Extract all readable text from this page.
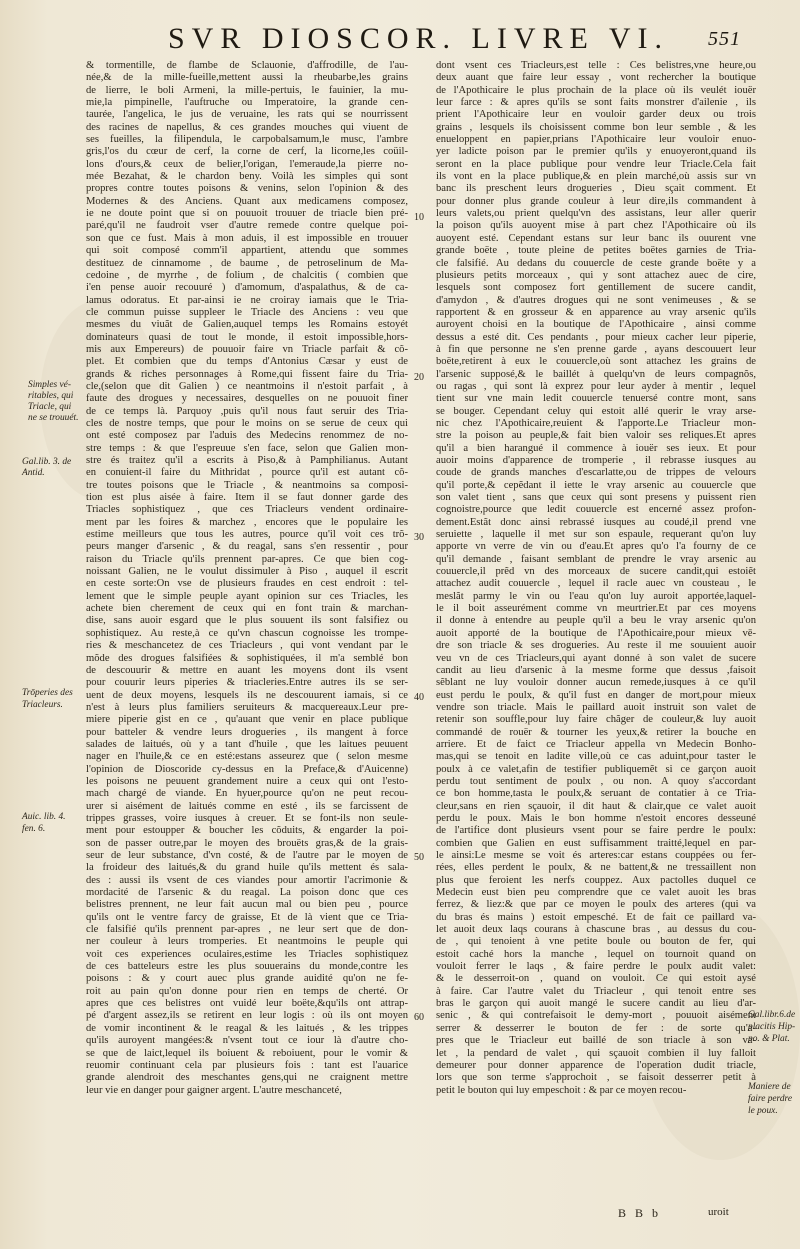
SVR DIOSCOR. LIVRE VI. 551
Simples vé-
ritables, qui
Triacle, qui
ne se trouuét.
Gal.lib. 3. de
Antid.
Trōperies des
Triacleurs.
Auic. lib. 4.
fen. 6.
Gal.libr.6.de
placitis Hip-
po. & Plat.
Maniere de
faire perdre
le poux.
10
20
30
40
50
60
& tormentille, de flambe de Sclauonie, d'affrodille, de l'au-
née,& de la mille-fueille,mettent aussi la rheubarbe,les grains
de lierre, le boli Armeni, la mille-pertuis, le fauinier, la mu-
mie,la pimpinelle, l'auftruche ou Imperatoire, la grande cen-
taurée, l'angelica, le jus de veruaine, les rats qui se nourrissent
des racines de napellus, & ces grandes mouches qui viuent de
ses fueilles, la filipendula, le carpobalsamum,le musc, l'ambre
gris,l'os du cœur de cerf, la corne de cerf, la licorne,les coüil-
lons d'ours,& ceux de belier,l'origan, l'emeraude,la pierre no-
mée Bezahat, & le chardon beny. Voilà les simples qui sont
propres contre toutes poisons & venins, selon l'opinion & des
Modernes & des Anciens. Quant aux medicamens composez,
ie ne doute point que si on pouuoit trouuer de triacle bien pré-
paré,qu'il ne faudroit vser d'autre remede contre quelque poi-
son que ce fust. Mais à mon aduis, il est impossible en trouuer
qui soit composé comm'il appartient, attendu que sommes
destituez de cinnamome , de baume , de petroselinum de Ma-
cedoine , de myrrhe , de folium , de chalcitis ( combien que
i'en pense auoir recouuré ) d'amomum, d'aspalathus, & de ca-
lamus odoratus. Et par-ainsi ie ne croiray iamais que le Tria-
cle commun puisse suppleer le Triacle des Anciens : veu que
mesmes du viuãt de Galien,auquel temps les Romains estoyét
dominateurs quasi de tout le monde, il estoit impossible,hors-
mis aux Empereurs) de pouuoir faire vn Triacle parfait & cõ-
plet. Et combien que du temps d'Antonius Cæsar y eust de
grands & riches personnages à Rome,qui fissent faire du Tria-
cle,(selon que dit Galien ) ce neantmoins il n'estoit parfait , à
faute des drogues y necessaires, desquelles on ne pouuoit finer
de ce temps là. Parquoy ,puis qu'il nous faut seruir des Tria-
cles de nostre temps, que pour le moins on se serue de ceux qui
ont esté composez par l'aduis des Medecins renommez de no-
stre temps : & que l'espreuue s'en face, selon que Galien mon-
stre és traitez qu'il a escrits à Piso,& à Pamphilianus. Autant
en conuient-il faire du Mithridat , pource qu'il est autant cõ-
tre toutes poisons que le Triacle , & neantmoins sa composi-
tion est plus aisée à faire. Item il se faut donner garde des
Triacles sophistiquez , que ces Triacleurs vendent ordinaire-
ment par les foires & marchez , encores que le populaire les
estime meilleurs que tous les autres, pource qu'il voit ces trõ-
peurs manger d'arsenic , & du reagal, sans s'en ressentir , pour
raison du Triacle qu'ils prennent par-apres. Ce que bien cog-
noissant Galien, ne le voulut dissimuler à Piso , auquel il escrit
en ceste sorte:On vse de plusieurs fraudes en cest endroit : tel-
lement que le simple peuple ayant opinion sur ces Triacles, les
achete bien cherement de ceux qui en font train & marchan-
dise, sans auoir esgard que le plus souuent ils sont falsifiez ou
sophistiquez. Au reste,à ce qu'vn chascun cognoisse les trompe-
ries & meschancetez de ces Triacleurs , qui vont vendant par le
mõde des drogues falsifiées & sophistiquées, il m'a semblé bon
de descouurir & mettre en auant les moyens dont ils vsent
pour couurir leurs piperies & triacleries.Entre autres ils se ser-
uent de deux moyens, lesquels ils ne descouurent iamais, si ce
n'est à leurs plus familiers seruiteurs & macquereaux.Leur pre-
miere piperie gist en ce , qu'auant que venir en place publique
pour batteler & vendre leurs drogueries , ils mangent à force
salades de laitués, où y a tant d'huile , que les laitues peuuent
nager en l'huile,& ce en esté:estans asseurez que ( selon mesme
l'opinion de Dioscoride cy-dessus en la Preface,& d'Auicenne)
les poisons ne peuuent grandement nuire a ceux qui ont l'esto-
mach chargé de viande. En hyuer,pource qu'on ne peut recou-
urer si aisément de laitués comme en esté , ils se farcissent de
trippes grasses, voire iusques à creuer. Et se font-ils non seule-
ment pour estoupper & boucher les cõduits, & engarder la poi-
son de passer outre,par le moyen des brouëts gras,& de la grais-
seur de leur substance, d'vn costé, & de l'autre par le moyen de
la froideur des laitués,& du grand huile qu'ils mettent és sala-
des : aussi ils vsent de ces viandes pour amortir l'acrimonie &
mordacité de l'arsenic & du reagal. La poison donc que ces
belistres prennent, ne leur fait aucun mal ou bien peu , pource
qu'ils ont le ventre farcy de graisse, Et de là vient que ce Tria-
cle falsifié qu'ils prennent par-apres , ne leur sert que de don-
ner couleur à leurs tromperies. Et neantmoins le peuple qui
voit ces experiences oculaires,estime les Triacles sophistiquez
de ces batteleurs estre les plus souuerains du monde,contre les
poisons : & y court auec plus grande auidité qu'on ne fe-
roit au pain qu'on donne pour rien en temps de cherté. Or
apres que ces belistres ont vuidé leur boëte,&qu'ils ont attrap-
pé d'argent assez,ils se retirent en leur logis : où ils ont moyen
de vomir incontinent & le reagal & les laitués , & les trippes
qu'ils auroyent mangées:& n'vsent tout ce iour là d'autre cho-
se que de laict,lequel ils boiuent & reboiuent, pour le vomir &
reuomir continuant cela par plusieurs fois : tant est l'auarice
grande alendroit des meschantes gens,qui ne craignent mettre
leur vie en danger pour gaigner argent. L'autre meschanceté,
dont vsent ces Triacleurs,est telle : Ces belistres,vne heure,ou
deux auant que faire leur essay , vont rechercher la boutique
de l'Apothicaire le plus prochain de la place où ils veulét iouër
leur farce : & apres qu'ils se sont faits monstrer d'ailenie , ils
prient l'Apothicaire leur en vouloir garder deux ou trois
grains , lesquels ils choisissent comme bon leur semble , & les
enueloppent en papier,prians l'Apothicaire leur vouloir enuo-
yer ladicte poison par le premier qu'ils y enuoyeront,quand ils
seront en la place publique pour vendre leur Triacle.Cela fait
ils vont en la place publique,& en plein marché,où assis sur vn
banc ils preschent leurs drogueries , Dieu sçait comment. Et
pour donner plus grande couleur à leur dire,ils commandent à
leurs valets,ou prient quelqu'vn des assistans, leur aller querir
la poison qu'ils auoyent mise à part chez l'Apothicaire où ils
auoyent esté. Cependant estans sur leur banc ils ouurent vne
grande boëte , toute pleine de petites boëtes garnies de Tria-
cle falsifié. Au dedans du couuercle de ceste grande boëte y a
plusieurs petits morceaux , qui y sont attachez auec de cire,
lesquels sont composez fort gentillement de sucere candit,
d'amydon , & d'autres drogues qui ne sont venimeuses , & se
rapportent & en grosseur & en apparence au vray arsenic qu'ils
auroyent choisi en la boutique de l'Apothicaire , ainsi comme
dessus a esté dit. Ces pendants , pour mieux cacher leur piperie,
à fin que personne ne s'en prenne garde , ayans descouuert leur
boëte,retirent à eux le couuercle,où sont attachez les grains de
l'arsenic supposé,& le baillét à quelqu'vn de leurs compagnõs,
ou ragas , qui sont là exprez pour leur ayder à mentir , lequel
tient sur vne main ledit couuercle tenuersé contre mont, sans
se bouger. Cependant celuy qui estoit allé querir le vray arse-
nic chez l'Apothicaire,reuient & l'apporte.Le Triacleur mon-
stre la poison au peuple,& fait bien valoir ses reliques.Et apres
qu'il a bien harangué il commence à iouër ses ieux. Et pour
auoir moins d'apparence de tromperie , il rebrasse iusques au
coude de grands manches d'escarlatte,ou de trippes de velours
qu'il porte,& cepẽdant il iette le vray arsenic au couuercle que
son valet tient , sans que ceux qui sont presens y puissent rien
cognoistre,pource que ledit couuercle est encerné assez profon-
dement.Estãt donc ainsi rebrassé iusques au coudé,il prend vne
seruiette , laquelle il met sur son espaule, requerant qu'on luy
apporte vn verre de vin ou d'eau.Et apres qu'o l'a fourny de ce
qu'il demande , faisant semblant de prendre le vray arsenic au
couuercle,il prẽd vn des morceaux de sucere candit,qui estoiẽt
attachez audit couuercle , lequel il racle auec vn cousteau , le
meslãt parmy le vin ou l'eau qu'on luy auroit apportée,laquel-
le il boit asseurément comme vn meurtrier.Et par ces moyens
il donne à entendre au peuple qu'il a beu le vray arsenic qu'on
auoit apporté de la boutique de l'Apothicaire,pour mieux vē-
dre son triacle & ses drogueries. Au reste il me souuient auoir
veu vn de ces Triacleurs,qui ayant donné à son valet de sucere
candit au lieu d'arsenic à la mesme forme que dessus ,faisoit
sẽblant ne luy vouloir donner aucun remede,iusques à ce qu'il
eust perdu le poulx, & qu'il fust en danger de mort,pour mieux
vendre son triacle. Mais le paillard auoit instruit son valet de
retenir son souffle,pour luy faire chãger de couleur,& luy auoit
commandé de rouër & tourner les yeux,& retirer la bouche en
arriere. Et de faict ce Triacleur appella vn Medecin Bonho-
mas,qui se tenoit en ladite ville,où ce cas aduint,pour taster le
poulx à ce valet,afin de testifier publiquemẽt si ce garçon auoit
perdu tout sentiment de poulx , ou non. A quoy s'accordant
ce bon homme,tasta le poulx,& seruant de contatier à ce Tria-
cleur,sans en rien sçauoir, il dit haut & clair,que ce valet auoit
perdu le poux. Mais le bon homme n'estoit encores desseuné
de l'artifice dont plusieurs vsent pour se faire perdre le poulx:
combien que Galien en eust suffisamment traitté,lequel en par-
le ainsi:Le mesme se voit és arteres:car estans couppées ou fer-
rées, elles perdent le poulx, & ne battent,& ne tressaillent non
plus que feroient les nerfs couppez. Aux pactolles duquel ce
Medecin eust bien peu comprendre que ce valet auoit les bras
ferrez, & liez:& que par ce moyen le poulx des arteres (qui va
du bras és mains ) estoit empesché. Et de fait ce paillard va-
let auoit deux laqs courans à chascune bras , au dessus du cou-
de , qui tenoient à vne petite boule ou bouton de fer, qui
estoit caché hors la manche , lequel on tournoit quand on
vouloit ferrer le laqs , & faire perdre le poulx audit valet:
& le desserroit-on , quand on vouloit. Ce qui estoit aysé
à faire. Car l'autre valet du Triacleur , qui tenoit entre ses
bras le garçon qui auoit mangé le sucere candit au lieu d'ar-
senic , & qui contrefaisoit le demy-mort , pouuoit aisément
serrer & desserrer le bouton de fer : de sorte qu'a-
pres que le Triacleur eut baillé de son triacle à son va-
let , la pendard de valet , qui sçauoit combien il luy falloit
demeurer pour donner apparence de l'operation dudit triacle,
lors que son terme s'approchoit , se faisoit desserrer petit à
petit le bouton qui luy empeschoit : & par ce moyen recou-
B B b	uroit
